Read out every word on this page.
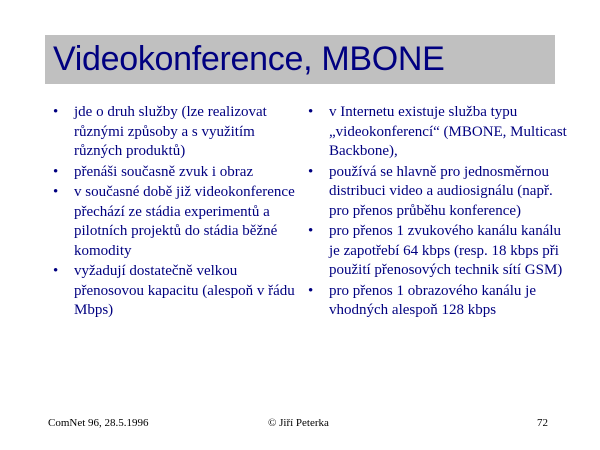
Videokonference, MBONE
• jde o druh služby (lze realizovat různými způsoby a s využitím různých produktů)
• přenáši současně zvuk i obraz
• v současné době již videokonference přechází ze stádia experimentů a pilotních projektů do stádia běžné komodity
• vyžadují dostatečně velkou přenosovou kapacitu (alespoň v řádu Mbps)
• v Internetu existuje služba typu „videokonferencí“ (MBONE, Multicast Backbone),
• používá se hlavně pro jednosměrnou distribuci video a audiosignálu (např. pro přenos průběhu konference)
• pro přenos 1 zvukového kanálu kanálu je zapotřebí 64 kbps (resp. 18 kbps při použití přenosových technik sítí GSM)
• pro přenos 1 obrazového kanálu je vhodných alespoň 128 kbps
ComNet 96, 28.5.1996	© Jiří Peterka	72
